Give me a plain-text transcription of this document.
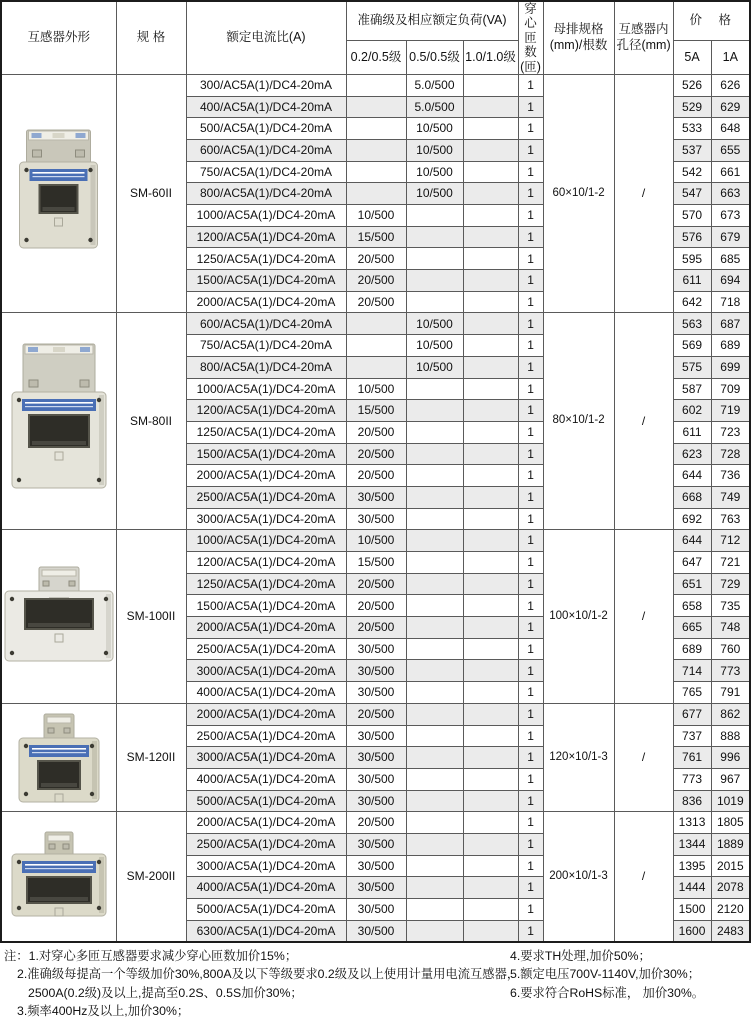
互感器外形	规 格	额定电流比(A)	准确级及相应额定负荷(VA)			穿心匝数(匝)	母排规格(mm)/根数	互感器内孔径(mm)	价　格	
			0.2/0.5级	0.5/0.5级	1.0/1.0级				5A	1A

	SM-60II	300/AC5A(1)/DC4-20mA		5.0/500		1	60×10/1-2	/	526	626
		400/AC5A(1)/DC4-20mA		5.0/500		1			529	629
		500/AC5A(1)/DC4-20mA		10/500		1			533	648
		600/AC5A(1)/DC4-20mA		10/500		1			537	655
		750/AC5A(1)/DC4-20mA		10/500		1			542	661
		800/AC5A(1)/DC4-20mA		10/500		1			547	663
		1000/AC5A(1)/DC4-20mA	10/500			1			570	673
		1200/AC5A(1)/DC4-20mA	15/500			1			576	679
		1250/AC5A(1)/DC4-20mA	20/500			1			595	685
		1500/AC5A(1)/DC4-20mA	20/500			1			611	694
		2000/AC5A(1)/DC4-20mA	20/500			1			642	718

	SM-80II	600/AC5A(1)/DC4-20mA		10/500		1	80×10/1-2	/	563	687
		750/AC5A(1)/DC4-20mA		10/500		1			569	689
		800/AC5A(1)/DC4-20mA		10/500		1			575	699
		1000/AC5A(1)/DC4-20mA	10/500			1			587	709
		1200/AC5A(1)/DC4-20mA	15/500			1			602	719
		1250/AC5A(1)/DC4-20mA	20/500			1			611	723
		1500/AC5A(1)/DC4-20mA	20/500			1			623	728
		2000/AC5A(1)/DC4-20mA	20/500			1			644	736
		2500/AC5A(1)/DC4-20mA	30/500			1			668	749
		3000/AC5A(1)/DC4-20mA	30/500			1			692	763

	SM-100II	1000/AC5A(1)/DC4-20mA	10/500			1	100×10/1-2	/	644	712
		1200/AC5A(1)/DC4-20mA	15/500			1			647	721
		1250/AC5A(1)/DC4-20mA	20/500			1			651	729
		1500/AC5A(1)/DC4-20mA	20/500			1			658	735
		2000/AC5A(1)/DC4-20mA	20/500			1			665	748
		2500/AC5A(1)/DC4-20mA	30/500			1			689	760
		3000/AC5A(1)/DC4-20mA	30/500			1			714	773
		4000/AC5A(1)/DC4-20mA	30/500			1			765	791

	SM-120II	2000/AC5A(1)/DC4-20mA	20/500			1	120×10/1-3	/	677	862
		2500/AC5A(1)/DC4-20mA	30/500			1			737	888
		3000/AC5A(1)/DC4-20mA	30/500			1			761	996
		4000/AC5A(1)/DC4-20mA	30/500			1			773	967
		5000/AC5A(1)/DC4-20mA	30/500			1			836	1019

	SM-200II	2000/AC5A(1)/DC4-20mA	20/500			1	200×10/1-3	/	1313	1805
		2500/AC5A(1)/DC4-20mA	30/500			1			1344	1889
		3000/AC5A(1)/DC4-20mA	30/500			1			1395	2015
		4000/AC5A(1)/DC4-20mA	30/500			1			1444	2078
		5000/AC5A(1)/DC4-20mA	30/500			1			1500	2120
		6300/AC5A(1)/DC4-20mA	30/500			1			1600	2483
注：1.对穿心多匝互感器要求减少穿心匝数加价15%；
2.准确级每提高一个等级加价30%,800A及以下等级要求0.2级及以上使用计量用电流互感器，
2500A(0.2级)及以上,提高至0.2S、0.5S加价30%；
3.频率400Hz及以上,加价30%；
4.要求TH处理,加价50%；
5.额定电压700V-1140V,加价30%；
6.要求符合RoHS标准， 加价30%。
